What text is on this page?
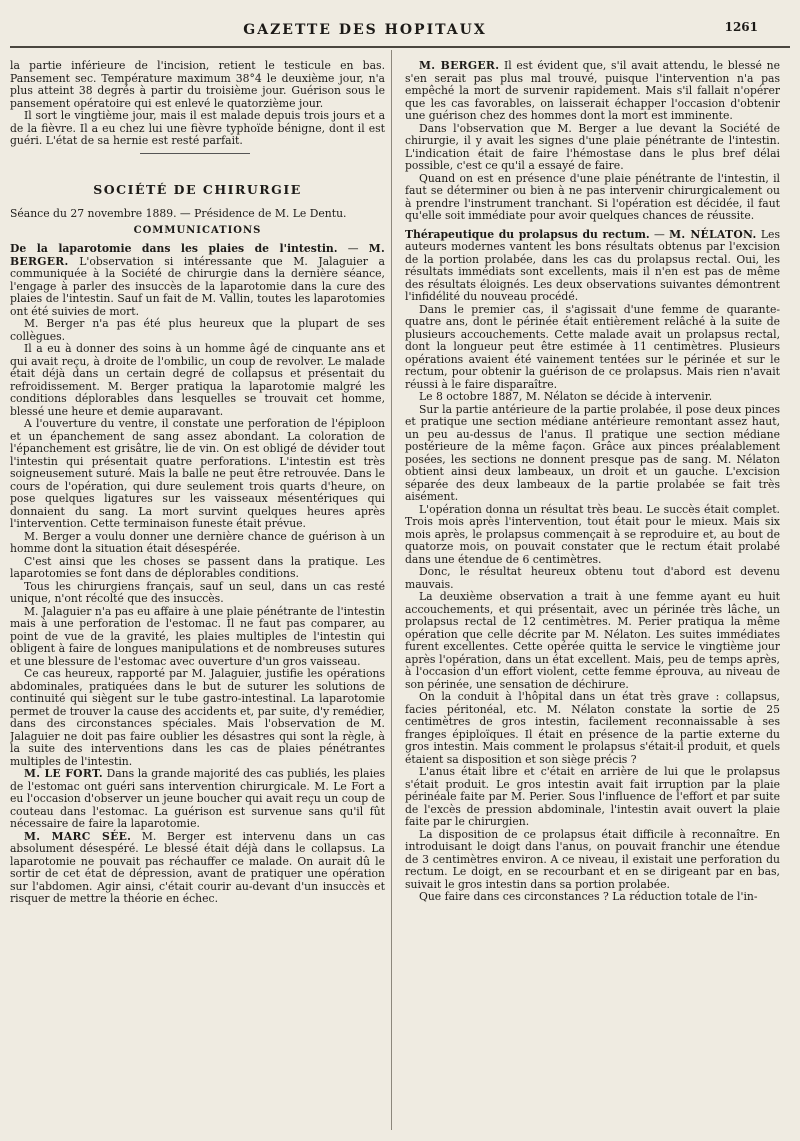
GAZETTE DES HOPITAUX	1261

la partie inférieure de l'incision, retient le testicule en bas. Pansement sec. Température maximum 38°4 le deuxième jour, n'a plus atteint 38 degrés à partir du troisième jour. Guérison sous le pansement opératoire qui est enlevé le quatorzième jour.

Il sort le vingtième jour, mais il est malade depuis trois jours et a de la fièvre. Il a eu chez lui une fièvre typhoïde bénigne, dont il est guéri. L'état de sa hernie est resté parfait.

SOCIÉTÉ DE CHIRURGIE

Séance du 27 novembre 1889. — Présidence de M. Le Dentu.

COMMUNICATIONS

De la laparotomie dans les plaies de l'intestin. — M. BERGER. L'observation si intéressante que M. Jalaguier a communiquée à la Société de chirurgie dans la dernière séance, l'engage à parler des insuccès de la laparotomie dans la cure des plaies de l'intestin. Sauf un fait de M. Vallin, toutes les laparotomies ont été suivies de mort.

M. Berger n'a pas été plus heureux que la plupart de ses collègues.

Il a eu à donner des soins à un homme âgé de cinquante ans et qui avait reçu, à droite de l'ombilic, un coup de revolver. Le malade était déjà dans un certain degré de collapsus et présentait du refroidissement. M. Berger pratiqua la laparotomie malgré les conditions déplorables dans lesquelles se trouvait cet homme, blessé une heure et demie auparavant.

A l'ouverture du ventre, il constate une perforation de l'épiploon et un épanchement de sang assez abondant. La coloration de l'épanchement est grisâtre, lie de vin. On est obligé de dévider tout l'intestin qui présentait quatre perforations. L'intestin est très soigneusement suturé. Mais la balle ne peut être retrouvée. Dans le cours de l'opération, qui dure seulement trois quarts d'heure, on pose quelques ligatures sur les vaisseaux mésentériques qui donnaient du sang. La mort survint quelques heures après l'intervention. Cette terminaison funeste était prévue.

M. Berger a voulu donner une dernière chance de guérison à un homme dont la situation était désespérée.

C'est ainsi que les choses se passent dans la pratique. Les laparotomies se font dans de déplorables conditions.

Tous les chirurgiens français, sauf un seul, dans un cas resté unique, n'ont récolté que des insuccès.

M. Jalaguier n'a pas eu affaire à une plaie pénétrante de l'intestin mais à une perforation de l'estomac. Il ne faut pas comparer, au point de vue de la gravité, les plaies multiples de l'intestin qui obligent à faire de longues manipulations et de nombreuses sutures et une blessure de l'estomac avec ouverture d'un gros vaisseau.

Ce cas heureux, rapporté par M. Jalaguier, justifie les opérations abdominales, pratiquées dans le but de suturer les solutions de continuité qui siègent sur le tube gastro-intestinal. La laparotomie permet de trouver la cause des accidents et, par suite, d'y remédier, dans des circonstances spéciales. Mais l'observation de M. Jalaguier ne doit pas faire oublier les désastres qui sont la règle, à la suite des interventions dans les cas de plaies pénétrantes multiples de l'intestin.

M. LE FORT. Dans la grande majorité des cas publiés, les plaies de l'estomac ont guéri sans intervention chirurgicale. M. Le Fort a eu l'occasion d'observer un jeune boucher qui avait reçu un coup de couteau dans l'estomac. La guérison est survenue sans qu'il fût nécessaire de faire la laparotomie.

M. MARC SÉE. M. Berger est intervenu dans un cas absolument désespéré. Le blessé était déjà dans le collapsus. La laparotomie ne pouvait pas réchauffer ce malade. On aurait dû le sortir de cet état de dépression, avant de pratiquer une opération sur l'abdomen. Agir ainsi, c'était courir au-devant d'un insuccès et risquer de mettre la théorie en échec.

M. BERGER. Il est évident que, s'il avait attendu, le blessé ne s'en serait pas plus mal trouvé, puisque l'intervention n'a pas empêché la mort de survenir rapidement. Mais s'il fallait n'opérer que les cas favorables, on laisserait échapper l'occasion d'obtenir une guérison chez des hommes dont la mort est imminente.

Dans l'observation que M. Berger a lue devant la Société de chirurgie, il y avait les signes d'une plaie pénétrante de l'intestin. L'indication était de faire l'hémostase dans le plus bref délai possible, c'est ce qu'il a essayé de faire.

Quand on est en présence d'une plaie pénétrante de l'intestin, il faut se déterminer ou bien à ne pas intervenir chirurgicalement ou à prendre l'instrument tranchant. Si l'opération est décidée, il faut qu'elle soit immédiate pour avoir quelques chances de réussite.

Thérapeutique du prolapsus du rectum. — M. NÉLATON. Les auteurs modernes vantent les bons résultats obtenus par l'excision de la portion prolabée, dans les cas du prolapsus rectal. Oui, les résultats immédiats sont excellents, mais il n'en est pas de même des résultats éloignés. Les deux observations suivantes démontrent l'infidélité du nouveau procédé.

Dans le premier cas, il s'agissait d'une femme de quarante-quatre ans, dont le périnée était entièrement relâché à la suite de plusieurs accouchements. Cette malade avait un prolapsus rectal, dont la longueur peut être estimée à 11 centimètres. Plusieurs opérations avaient été vainement tentées sur le périnée et sur le rectum, pour obtenir la guérison de ce prolapsus. Mais rien n'avait réussi à le faire disparaître.

Le 8 octobre 1887, M. Nélaton se décide à intervenir.

Sur la partie antérieure de la partie prolabée, il pose deux pinces et pratique une section médiane antérieure remontant assez haut, un peu au-dessus de l'anus. Il pratique une section médiane postérieure de la même façon. Grâce aux pinces préalablement posées, les sections ne donnent presque pas de sang. M. Nélaton obtient ainsi deux lambeaux, un droit et un gauche. L'excision séparée des deux lambeaux de la partie prolabée se fait très aisément.

L'opération donna un résultat très beau. Le succès était complet. Trois mois après l'intervention, tout était pour le mieux. Mais six mois après, le prolapsus commençait à se reproduire et, au bout de quatorze mois, on pouvait constater que le rectum était prolabé dans une étendue de 6 centimètres.

Donc, le résultat heureux obtenu tout d'abord est devenu mauvais.

La deuxième observation a trait à une femme ayant eu huit accouchements, et qui présentait, avec un périnée très lâche, un prolapsus rectal de 12 centimètres. M. Perier pratiqua la même opération que celle décrite par M. Nélaton. Les suites immédiates furent excellentes. Cette opérée quitta le service le vingtième jour après l'opération, dans un état excellent. Mais, peu de temps après, à l'occasion d'un effort violent, cette femme éprouva, au niveau de son périnée, une sensation de déchirure.

On la conduit à l'hôpital dans un état très grave : collapsus, facies péritonéal, etc. M. Nélaton constate la sortie de 25 centimètres de gros intestin, facilement reconnaissable à ses franges épiploïques. Il était en présence de la partie externe du gros intestin. Mais comment le prolapsus s'était-il produit, et quels étaient sa disposition et son siège précis ?

L'anus était libre et c'était en arrière de lui que le prolapsus s'était produit. Le gros intestin avait fait irruption par la plaie périnéale faite par M. Perier. Sous l'influence de l'effort et par suite de l'excès de pression abdominale, l'intestin avait ouvert la plaie faite par le chirurgien.

La disposition de ce prolapsus était difficile à reconnaître. En introduisant le doigt dans l'anus, on pouvait franchir une étendue de 3 centimètres environ. A ce niveau, il existait une perforation du rectum. Le doigt, en se recourbant et en se dirigeant par en bas, suivait le gros intestin dans sa portion prolabée.

Que faire dans ces circonstances ? La réduction totale de l'in-
